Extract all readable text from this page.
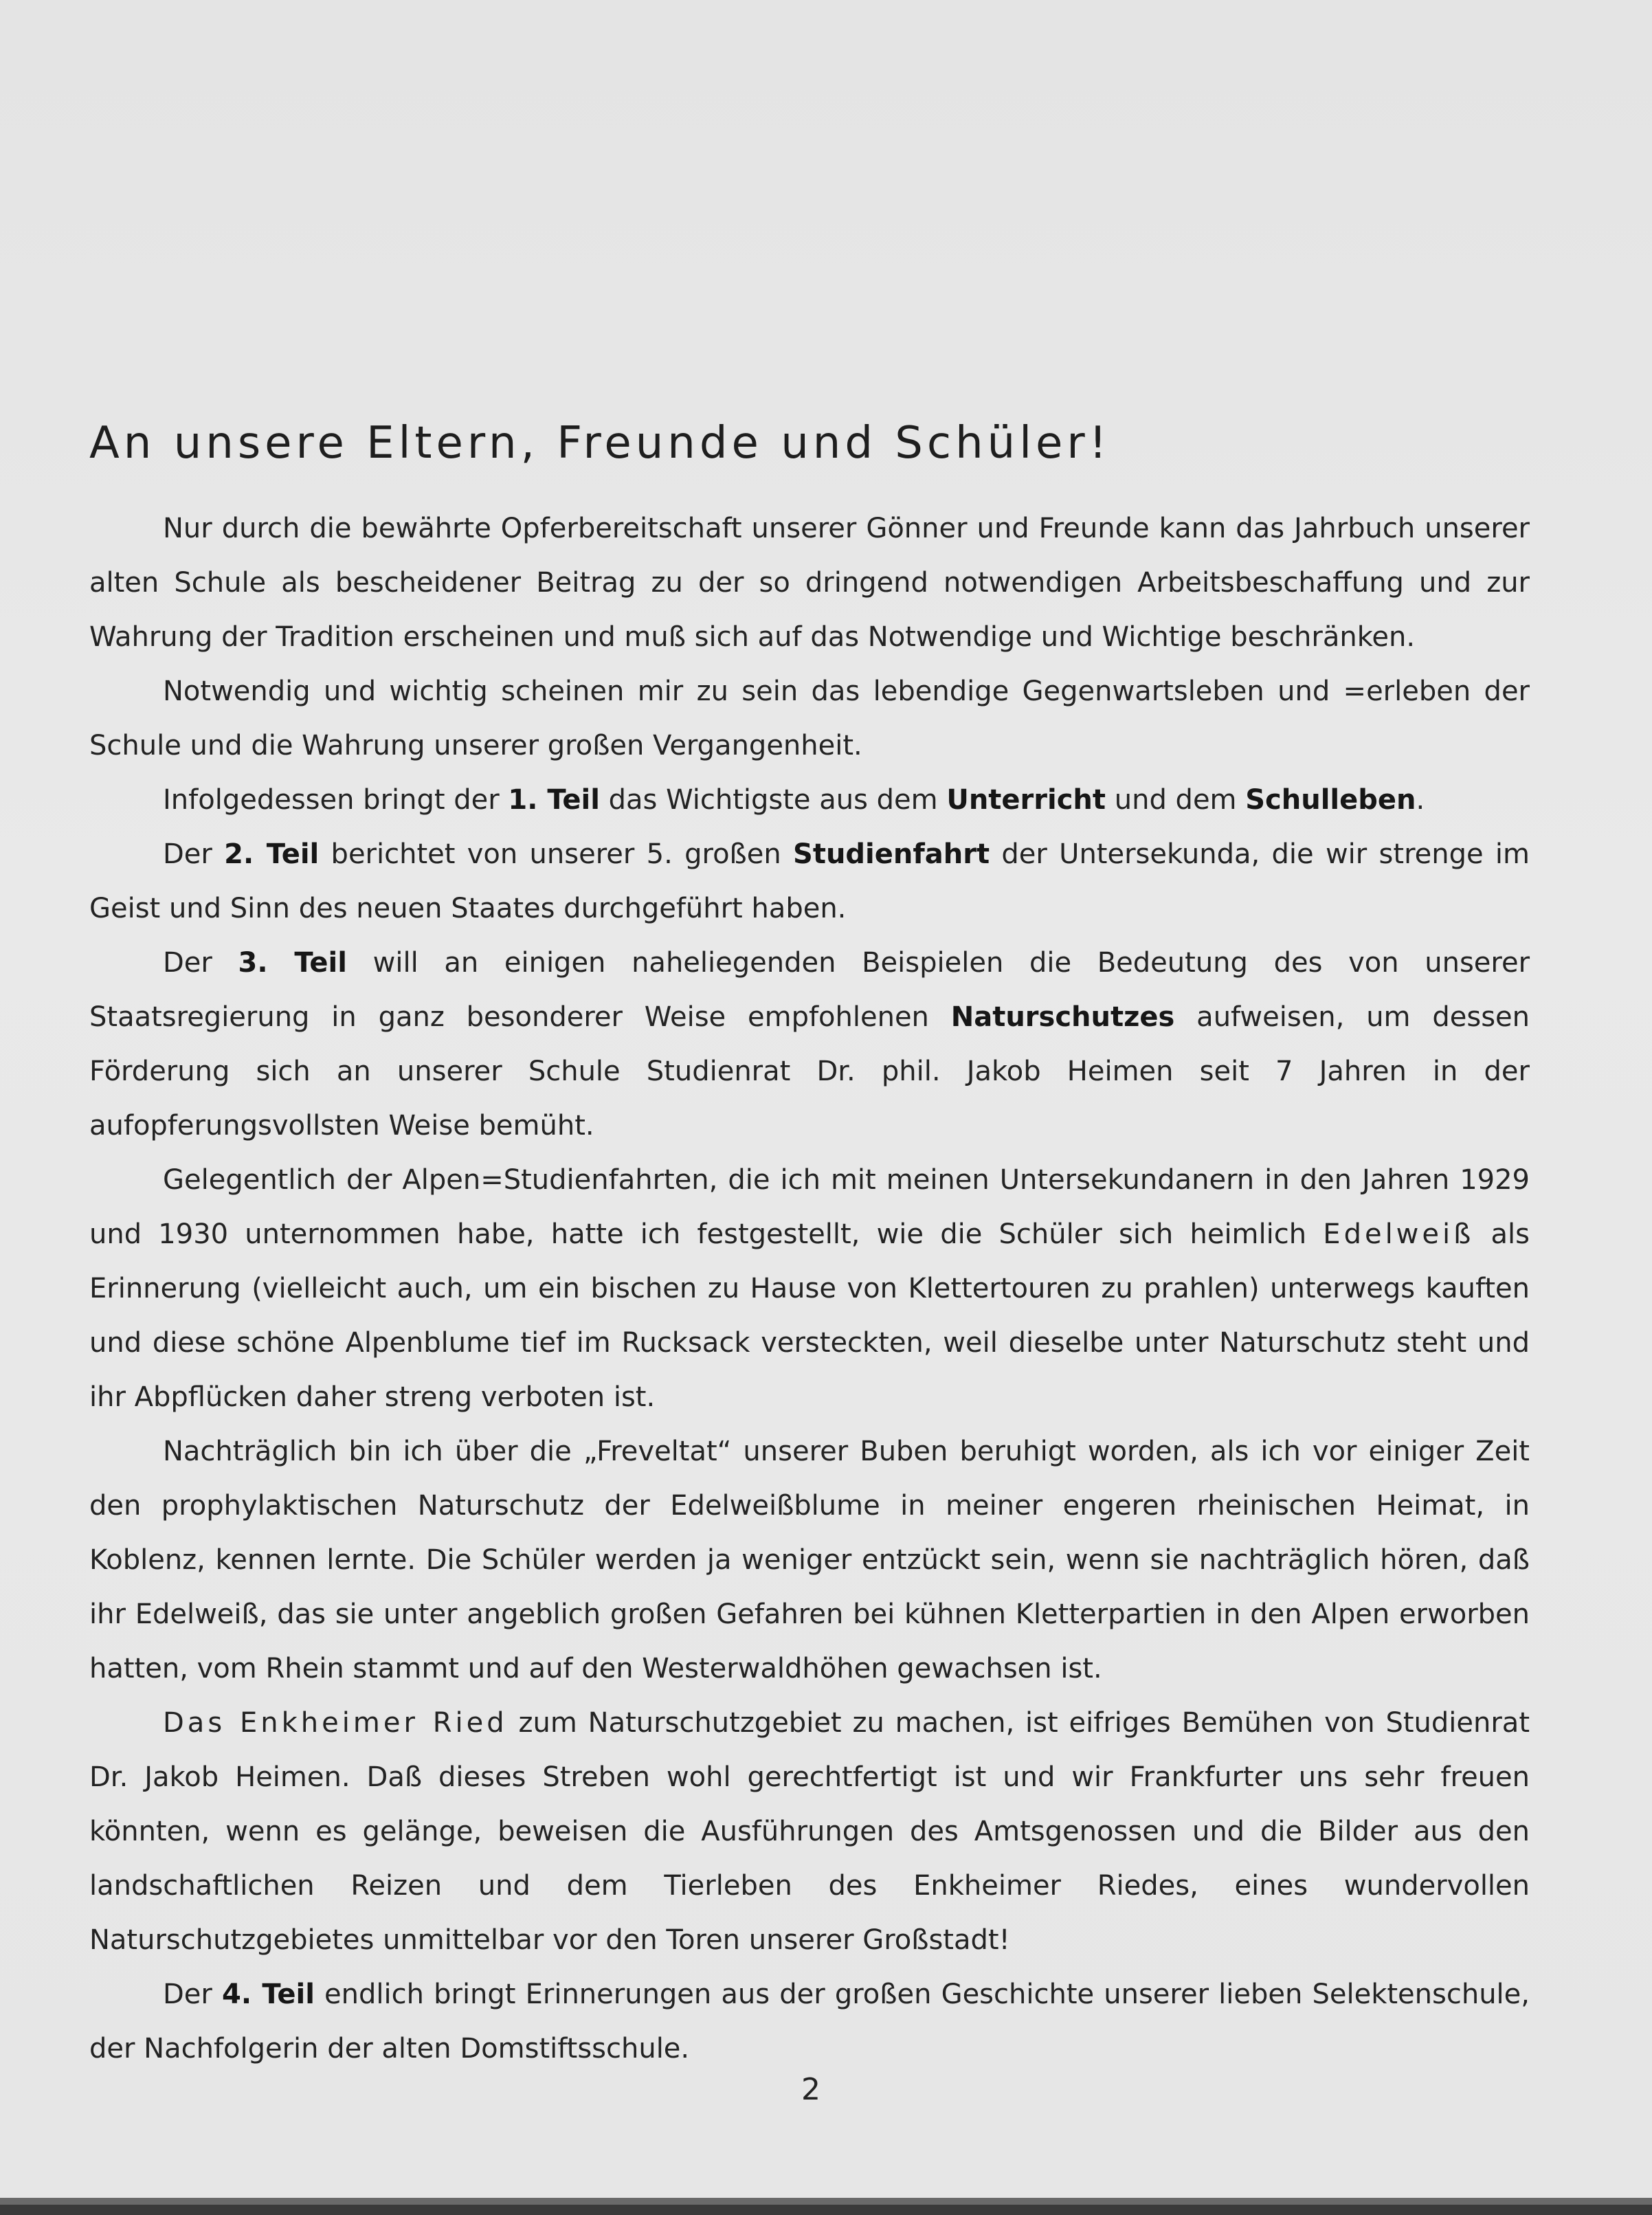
An unsere Eltern, Freunde und Schüler!

Nur durch die bewährte Opferbereitschaft unserer Gönner und Freunde kann das Jahrbuch unserer alten Schule als bescheidener Beitrag zu der so dringend notwendigen Arbeitsbeschaffung und zur Wahrung der Tradition erscheinen und muß sich auf das Notwendige und Wichtige beschränken.

Notwendig und wichtig scheinen mir zu sein das lebendige Gegenwartsleben und =erleben der Schule und die Wahrung unserer großen Vergangenheit.

Infolgedessen bringt der 1. Teil das Wichtigste aus dem Unterricht und dem Schulleben.

Der 2. Teil berichtet von unserer 5. großen Studienfahrt der Untersekunda, die wir strenge im Geist und Sinn des neuen Staates durchgeführt haben.

Der 3. Teil will an einigen naheliegenden Beispielen die Bedeutung des von unserer Staatsregierung in ganz besonderer Weise empfohlenen Naturschutzes aufweisen, um dessen Förderung sich an unserer Schule Studienrat Dr. phil. Jakob Heimen seit 7 Jahren in der aufopferungsvollsten Weise bemüht.

Gelegentlich der Alpen=Studienfahrten, die ich mit meinen Untersekundanern in den Jahren 1929 und 1930 unternommen habe, hatte ich festgestellt, wie die Schüler sich heimlich Edelweiß als Erinnerung (vielleicht auch, um ein bischen zu Hause von Klettertouren zu prahlen) unterwegs kauften und diese schöne Alpenblume tief im Rucksack versteckten, weil dieselbe unter Naturschutz steht und ihr Abpflücken daher streng verboten ist.

Nachträglich bin ich über die „Freveltat“ unserer Buben beruhigt worden, als ich vor einiger Zeit den prophylaktischen Naturschutz der Edelweißblume in meiner engeren rheinischen Heimat, in Koblenz, kennen lernte. Die Schüler werden ja weniger entzückt sein, wenn sie nachträglich hören, daß ihr Edelweiß, das sie unter angeblich großen Gefahren bei kühnen Kletterpartien in den Alpen erworben hatten, vom Rhein stammt und auf den Westerwaldhöhen gewachsen ist.

Das Enkheimer Ried zum Naturschutzgebiet zu machen, ist eifriges Bemühen von Studienrat Dr. Jakob Heimen. Daß dieses Streben wohl gerechtfertigt ist und wir Frankfurter uns sehr freuen könnten, wenn es gelänge, beweisen die Ausführungen des Amtsgenossen und die Bilder aus den landschaftlichen Reizen und dem Tierleben des Enkheimer Riedes, eines wundervollen Naturschutzgebietes unmittelbar vor den Toren unserer Großstadt!

Der 4. Teil endlich bringt Erinnerungen aus der großen Geschichte unserer lieben Selektenschule, der Nachfolgerin der alten Domstiftsschule.

2
